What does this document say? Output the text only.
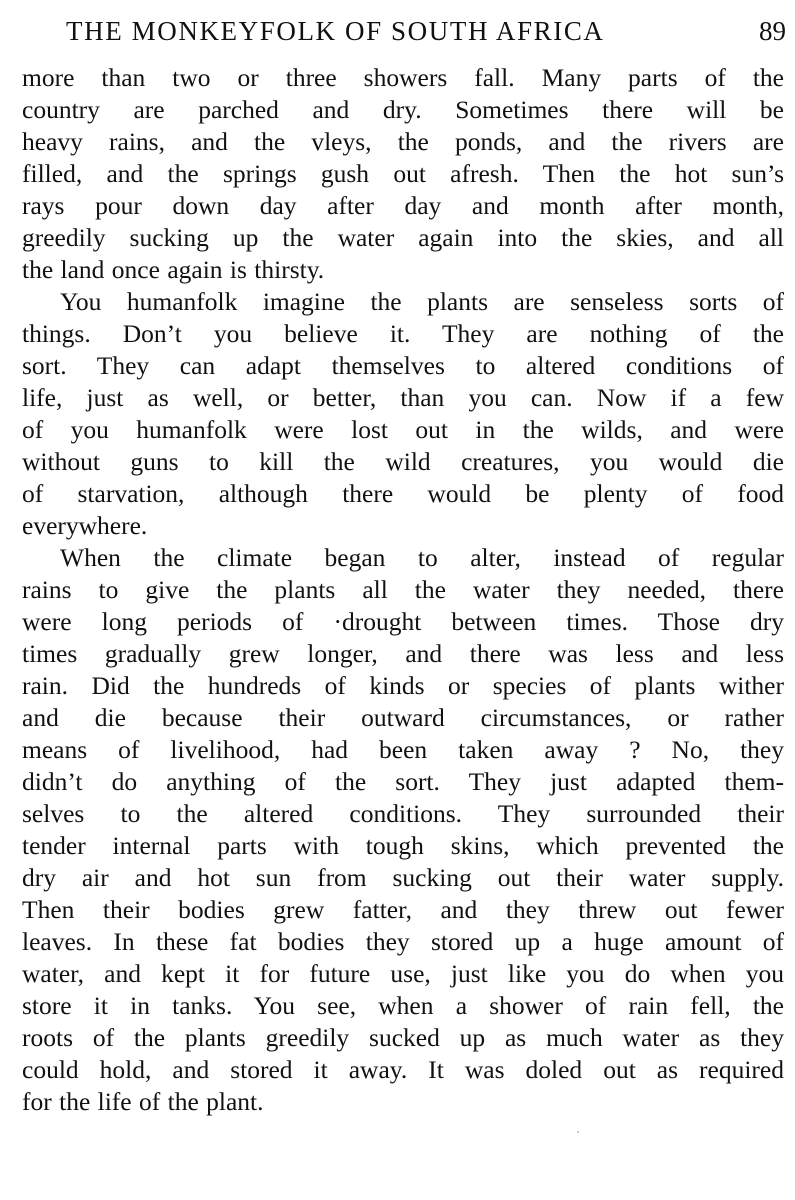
THE MONKEYFOLK OF SOUTH AFRICA	89
more than two or three showers fall. Many parts of the
country are parched and dry. Sometimes there will be
heavy rains, and the vleys, the ponds, and the rivers are
filled, and the springs gush out afresh. Then the hot sun’s
rays pour down day after day and month after month,
greedily sucking up the water again into the skies, and all
the land once again is thirsty.
You humanfolk imagine the plants are senseless sorts of
things. Don’t you believe it. They are nothing of the
sort. They can adapt themselves to altered conditions of
life, just as well, or better, than you can. Now if a few
of you humanfolk were lost out in the wilds, and were
without guns to kill the wild creatures, you would die
of starvation, although there would be plenty of food
everywhere.
When the climate began to alter, instead of regular
rains to give the plants all the water they needed, there
were long periods of ·drought between times. Those dry
times gradually grew longer, and there was less and less
rain. Did the hundreds of kinds or species of plants wither
and die because their outward circumstances, or rather
means of livelihood, had been taken away ? No, they
didn’t do anything of the sort. They just adapted them-
selves to the altered conditions. They surrounded their
tender internal parts with tough skins, which prevented the
dry air and hot sun from sucking out their water supply.
Then their bodies grew fatter, and they threw out fewer
leaves. In these fat bodies they stored up a huge amount of
water, and kept it for future use, just like you do when you
store it in tanks. You see, when a shower of rain fell, the
roots of the plants greedily sucked up as much water as they
could hold, and stored it away. It was doled out as required
for the life of the plant.
